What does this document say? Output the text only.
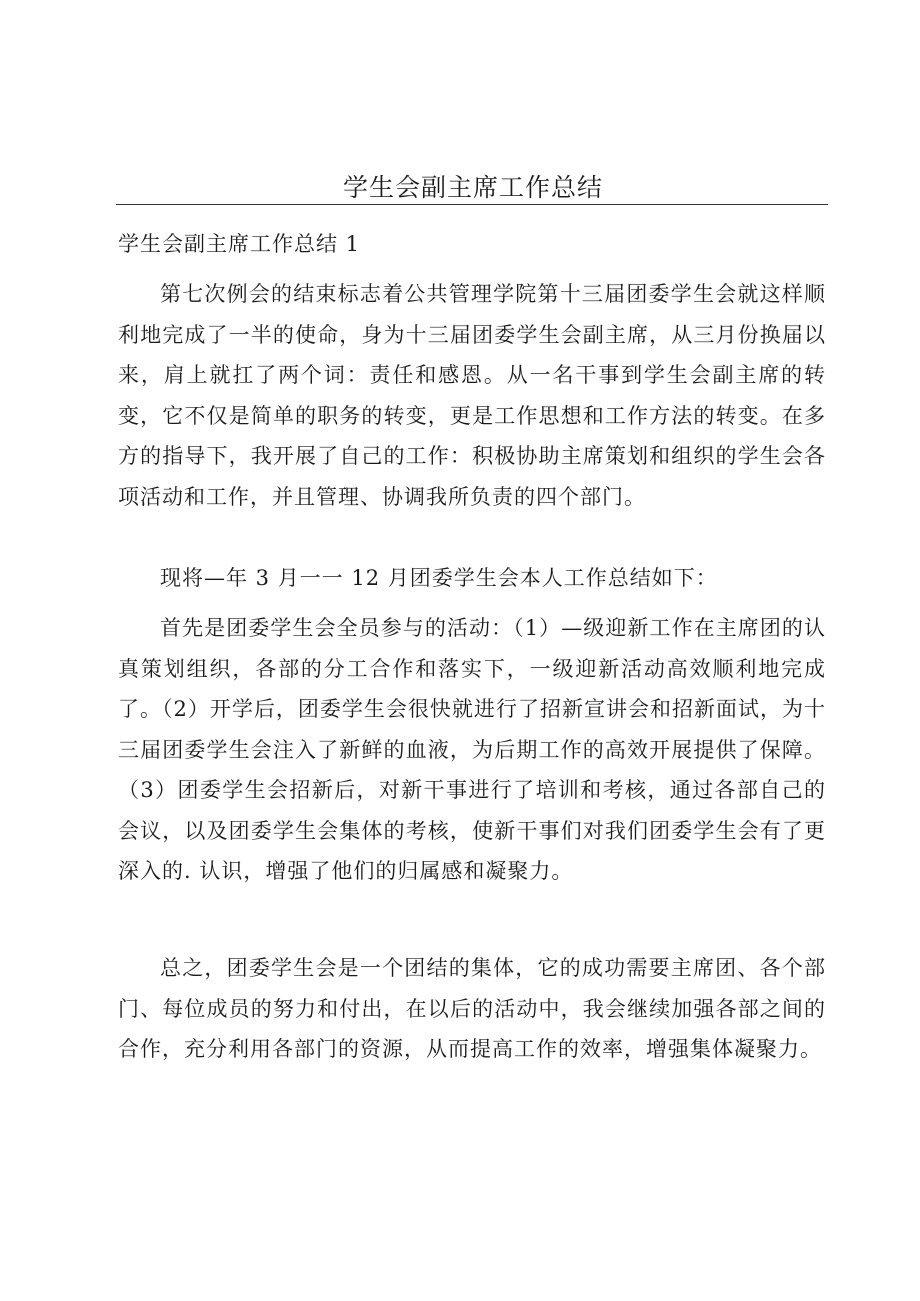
学生会副主席工作总结
学生会副主席工作总结 1

第七次例会的结束标志着公共管理学院第十三届团委学生会就这样顺利地完成了一半的使命，身为十三届团委学生会副主席，从三月份换届以来，肩上就扛了两个词：责任和感恩。从一名干事到学生会副主席的转变，它不仅是简单的职务的转变，更是工作思想和工作方法的转变。在多方的指导下，我开展了自己的工作：积极协助主席策划和组织的学生会各项活动和工作，并且管理、协调我所负责的四个部门。

现将—年 3 月一一 12 月团委学生会本人工作总结如下：

首先是团委学生会全员参与的活动：（1）—级迎新工作在主席团的认真策划组织，各部的分工合作和落实下，一级迎新活动高效顺利地完成了。（2）开学后，团委学生会很快就进行了招新宣讲会和招新面试，为十三届团委学生会注入了新鲜的血液，为后期工作的高效开展提供了保障。（3）团委学生会招新后，对新干事进行了培训和考核，通过各部自己的会议，以及团委学生会集体的考核，使新干事们对我们团委学生会有了更深入的. 认识，增强了他们的归属感和凝聚力。

总之，团委学生会是一个团结的集体，它的成功需要主席团、各个部门、每位成员的努力和付出，在以后的活动中，我会继续加强各部之间的合作，充分利用各部门的资源，从而提高工作的效率，增强集体凝聚力。
